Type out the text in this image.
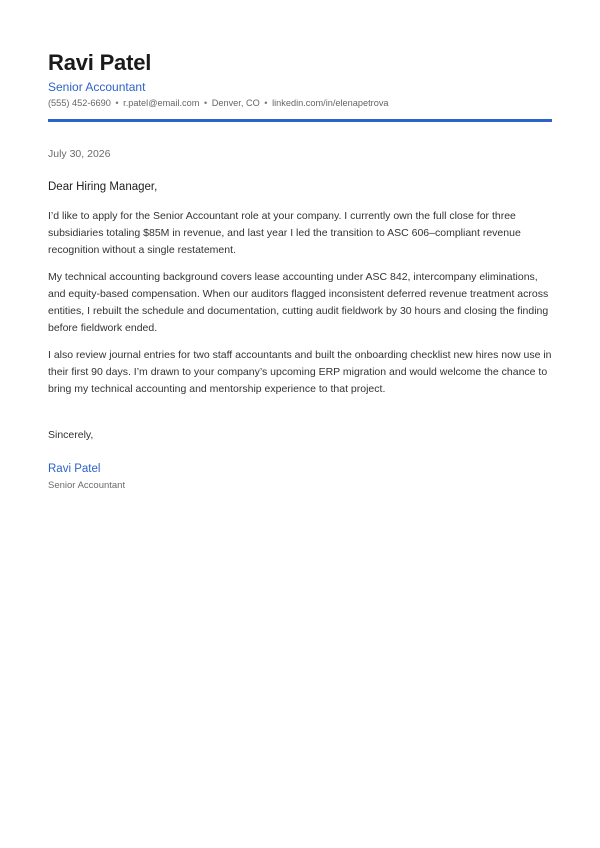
Ravi Patel
Senior Accountant
(555) 452-6690 • r.patel@email.com • Denver, CO • linkedin.com/in/elenapetrova
July 30, 2026
Dear Hiring Manager,

I’d like to apply for the Senior Accountant role at your company. I currently own the full close for three subsidiaries totaling $85M in revenue, and last year I led the transition to ASC 606–compliant revenue recognition without a single restatement.

My technical accounting background covers lease accounting under ASC 842, intercompany eliminations, and equity-based compensation. When our auditors flagged inconsistent deferred revenue treatment across entities, I rebuilt the schedule and documentation, cutting audit fieldwork by 30 hours and closing the finding before fieldwork ended.

I also review journal entries for two staff accountants and built the onboarding checklist new hires now use in their first 90 days. I’m drawn to your company’s upcoming ERP migration and would welcome the chance to bring my technical accounting and mentorship experience to that project.

Sincerely,
Ravi Patel
Senior Accountant
